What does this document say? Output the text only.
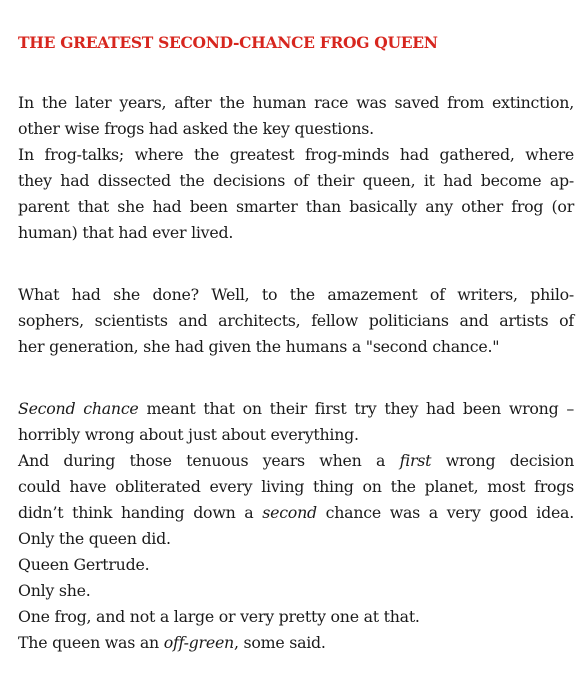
THE GREATEST SECOND-CHANCE FROG QUEEN
In the later years, after the human race was saved from extinction,
other wise frogs had asked the key questions.
In frog-talks; where the greatest frog-minds had gathered, where
they had dissected the decisions of their queen, it had become ap-
parent that she had been smarter than basically any other frog (or
human) that had ever lived.
What had she done? Well, to the amazement of writers, philo-
sophers, scientists and architects, fellow politicians and artists of
her generation, she had given the humans a "second chance."
Second chance meant that on their first try they had been wrong –
horribly wrong about just about everything.
And during those tenuous years when a first wrong decision
could have obliterated every living thing on the planet, most frogs
didn’t think handing down a second chance was a very good idea.
Only the queen did.
Queen Gertrude.
Only she.
One frog, and not a large or very pretty one at that.
The queen was an off-green, some said.
